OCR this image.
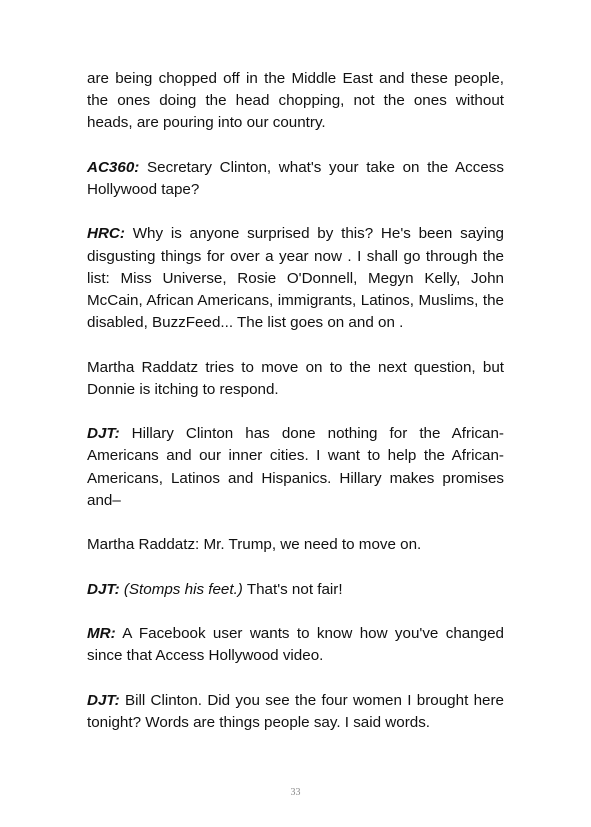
are being chopped off in the Middle East and these people, the ones doing the head chopping, not the ones without heads, are pouring into our country.

AC360: Secretary Clinton, what's your take on the Access Hollywood tape?

HRC: Why is anyone surprised by this? He's been saying disgusting things for over a year now . I shall go through the list: Miss Universe, Rosie O'Donnell, Megyn Kelly, John McCain, African Americans, immigrants, Latinos, Muslims, the disabled, BuzzFeed... The list goes on and on .

Martha Raddatz tries to move on to the next question, but Donnie is itching to respond.

DJT: Hillary Clinton has done nothing for the African-Americans and our inner cities. I want to help the African-Americans, Latinos and Hispanics. Hillary makes promises and–

Martha Raddatz: Mr. Trump, we need to move on.

DJT: (Stomps his feet.) That's not fair!

MR: A Facebook user wants to know how you've changed since that Access Hollywood video.

DJT: Bill Clinton. Did you see the four women I brought here tonight? Words are things people say. I said words.

33
